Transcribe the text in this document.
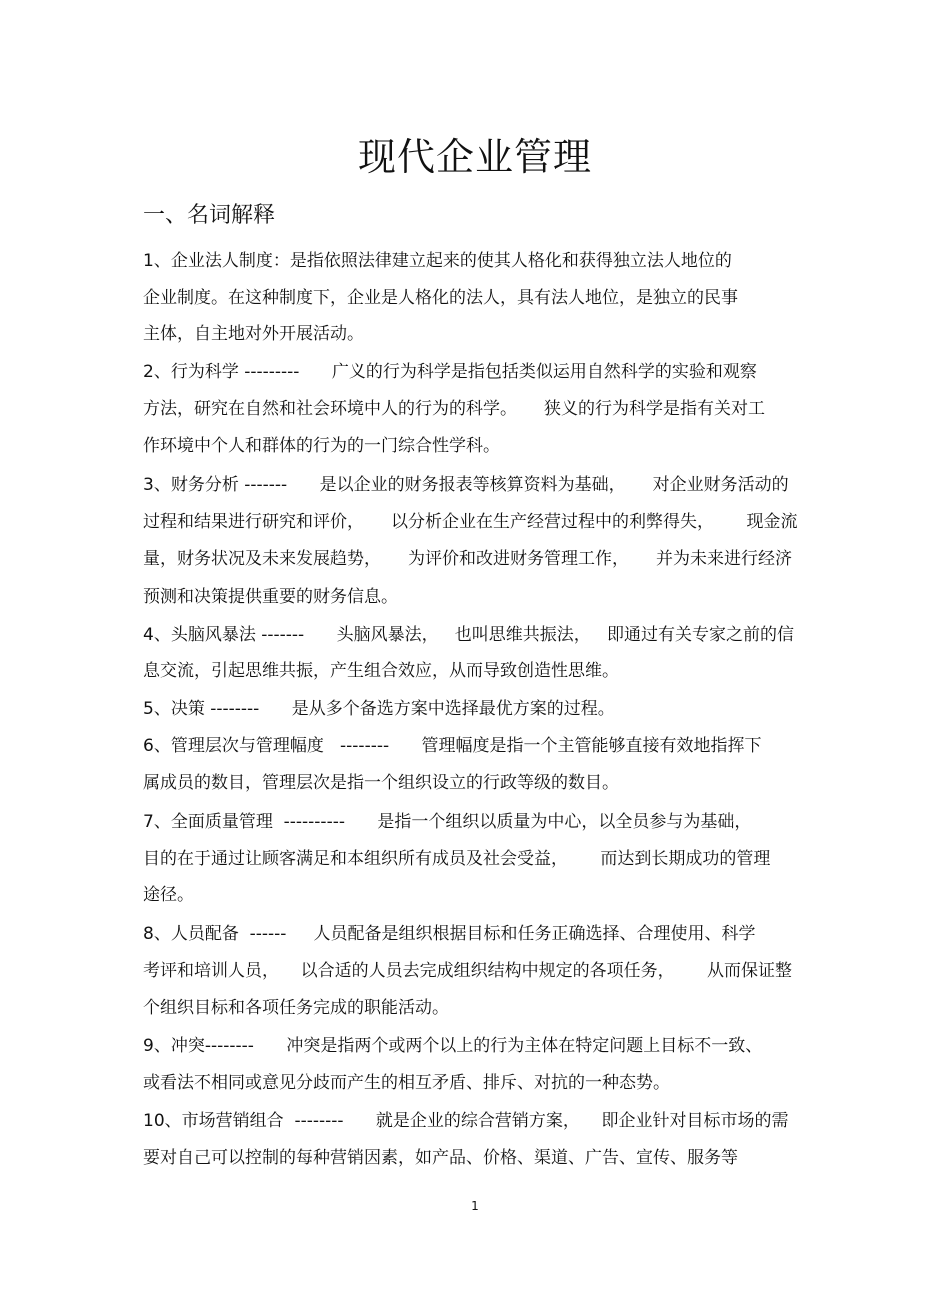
现代企业管理
一、名词解释
1、企业法人制度：是指依照法律建立起来的使其人格化和获得独立法人地位的
企业制度。在这种制度下，企业是人格化的法人，具有法人地位，是独立的民事
主体，自主地对外开展活动。
2、行为科学 ---------      广义的行为科学是指包括类似运用自然科学的实验和观察
方法，研究在自然和社会环境中人的行为的科学。     狭义的行为科学是指有关对工
作环境中个人和群体的行为的一门综合性学科。
3、财务分析 -------      是以企业的财务报表等核算资料为基础，     对企业财务活动的
过程和结果进行研究和评价，     以分析企业在生产经营过程中的利弊得失，      现金流
量，财务状况及未来发展趋势，     为评价和改进财务管理工作，     并为未来进行经济
预测和决策提供重要的财务信息。
4、头脑风暴法 -------      头脑风暴法，   也叫思维共振法，   即通过有关专家之前的信
息交流，引起思维共振，产生组合效应，从而导致创造性思维。
5、决策 --------      是从多个备选方案中选择最优方案的过程。
6、管理层次与管理幅度   --------      管理幅度是指一个主管能够直接有效地指挥下
属成员的数目，管理层次是指一个组织设立的行政等级的数目。
7、全面质量管理  ----------      是指一个组织以质量为中心，以全员参与为基础，
目的在于通过让顾客满足和本组织所有成员及社会受益，      而达到长期成功的管理
途径。
8、人员配备  ------     人员配备是组织根据目标和任务正确选择、合理使用、科学
考评和培训人员，    以合适的人员去完成组织结构中规定的各项任务，      从而保证整
个组织目标和各项任务完成的职能活动。
9、冲突--------      冲突是指两个或两个以上的行为主体在特定问题上目标不一致、
或看法不相同或意见分歧而产生的相互矛盾、排斥、对抗的一种态势。
10、市场营销组合  --------      就是企业的综合营销方案，    即企业针对目标市场的需
要对自己可以控制的每种营销因素，如产品、价格、渠道、广告、宣传、服务等
1
